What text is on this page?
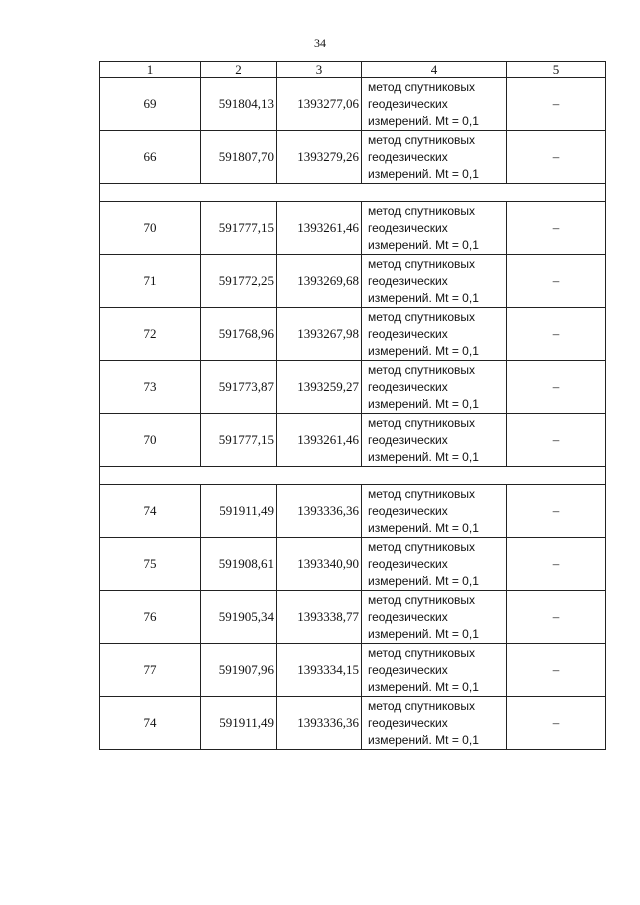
34
1	2	3	4	5
69	591804,13	1393277,06	метод спутниковых
геодезических
измерений. Mt = 0,1	–
66	591807,70	1393279,26	метод спутниковых
геодезических
измерений. Mt = 0,1	–

70	591777,15	1393261,46	метод спутниковых
геодезических
измерений. Mt = 0,1	–
71	591772,25	1393269,68	метод спутниковых
геодезических
измерений. Mt = 0,1	–
72	591768,96	1393267,98	метод спутниковых
геодезических
измерений. Mt = 0,1	–
73	591773,87	1393259,27	метод спутниковых
геодезических
измерений. Mt = 0,1	–
70	591777,15	1393261,46	метод спутниковых
геодезических
измерений. Mt = 0,1	–

74	591911,49	1393336,36	метод спутниковых
геодезических
измерений. Mt = 0,1	–
75	591908,61	1393340,90	метод спутниковых
геодезических
измерений. Mt = 0,1	–
76	591905,34	1393338,77	метод спутниковых
геодезических
измерений. Mt = 0,1	–
77	591907,96	1393334,15	метод спутниковых
геодезических
измерений. Mt = 0,1	–
74	591911,49	1393336,36	метод спутниковых
геодезических
измерений. Mt = 0,1	–
